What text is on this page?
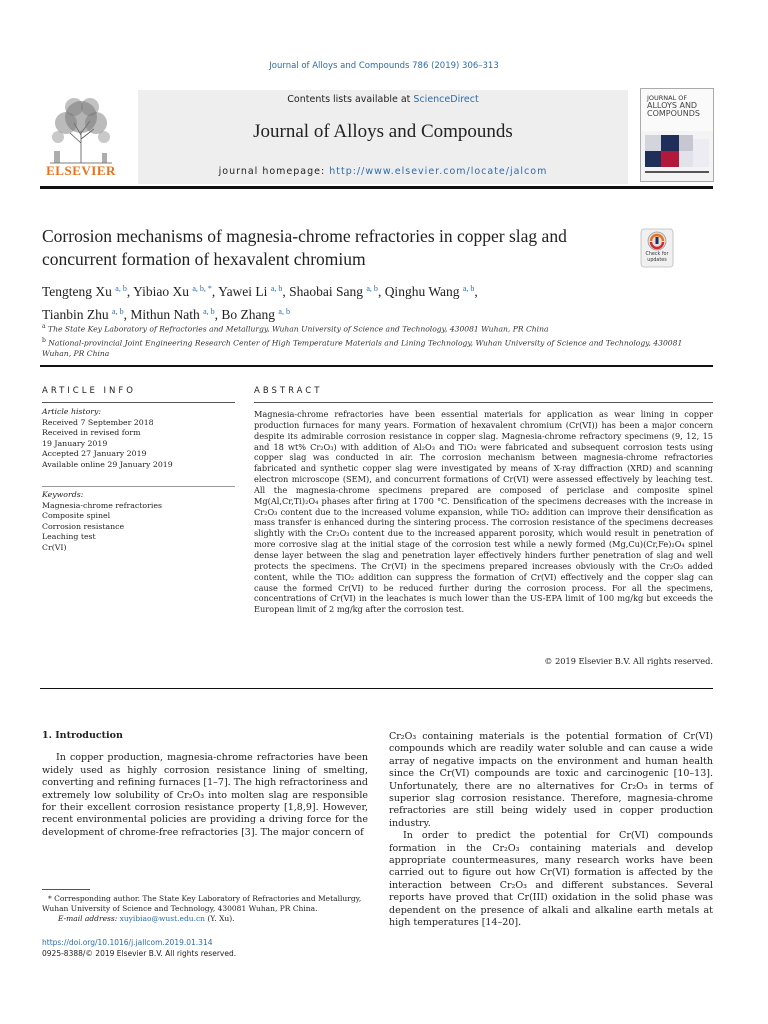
Journal of Alloys and Compounds 786 (2019) 306–313
ELSEVIER
Contents lists available at ScienceDirect
Journal of Alloys and Compounds
journal homepage: http://www.elsevier.com/locate/jalcom
JOURNAL OF

ALLOYS AND
COMPOUNDS
Corrosion mechanisms of magnesia-chrome refractories in copper slag and concurrent formation of hexavalent chromium	Check for updates
Tengteng Xu $^{a, b}$, Yibiao Xu $^{a, b, *}$, Yawei Li $^{a, b}$, Shaobai Sang $^{a, b}$, Qinghu Wang $^{a, b}$,
Tianbin Zhu $^{a, b}$, Mithun Nath $^{a, b}$, Bo Zhang $^{a, b}$
$^a$ The State Key Laboratory of Refractories and Metallurgy, Wuhan University of Science and Technology, 430081 Wuhan, PR China
$^b$ National-provincial Joint Engineering Research Center of High Temperature Materials and Lining Technology, Wuhan University of Science and Technology, 430081 Wuhan, PR China
ARTICLE INFO
Article history:
Received 7 September 2018
Received in revised form
19 January 2019
Accepted 27 January 2019
Available online 29 January 2019
Keywords:
Magnesia-chrome refractories
Composite spinel
Corrosion resistance
Leaching test
Cr(VI)
ABSTRACT
Magnesia-chrome refractories have been essential materials for application as wear lining in copper production furnaces for many years. Formation of hexavalent chromium (Cr(VI)) has been a major concern despite its admirable corrosion resistance in copper slag. Magnesia-chrome refractory specimens (9, 12, 15 and 18 wt% Cr₂O₃) with addition of Al₂O₃ and TiO₂ were fabricated and subsequent corrosion tests using copper slag was conducted in air. The corrosion mechanism between magnesia-chrome refractories fabricated and synthetic copper slag were investigated by means of X-ray diffraction (XRD) and scanning electron microscope (SEM), and concurrent formations of Cr(VI) were assessed effectively by leaching test. All the magnesia-chrome specimens prepared are composed of periclase and composite spinel Mg(Al,Cr,Ti)₂O₄ phases after firing at 1700 °C. Densification of the specimens decreases with the increase in Cr₂O₃ content due to the increased volume expansion, while TiO₂ addition can improve their densification as mass transfer is enhanced during the sintering process. The corrosion resistance of the specimens decreases slightly with the Cr₂O₃ content due to the increased apparent porosity, which would result in penetration of more corrosive slag at the initial stage of the corrosion test while a newly formed (Mg,Cu)(Cr,Fe)₂O₄ spinel dense layer between the slag and penetration layer effectively hinders further penetration of slag and well protects the specimens. The Cr(VI) in the specimens prepared increases obviously with the Cr₂O₃ added content, while the TiO₂ addition can suppress the formation of Cr(VI) effectively and the copper slag can cause the formed Cr(VI) to be reduced further during the corrosion process. For all the specimens, concentrations of Cr(VI) in the leachates is much lower than the US-EPA limit of 100 mg/kg but exceeds the European limit of 2 mg/kg after the corrosion test.
© 2019 Elsevier B.V. All rights reserved.
1. Introduction

In copper production, magnesia-chrome refractories have been widely used as highly corrosion resistance lining of smelting, converting and refining furnaces [1–7]. The high refractoriness and extremely low solubility of Cr₂O₃ into molten slag are responsible for their excellent corrosion resistance property [1,8,9]. However, recent environmental policies are providing a driving force for the development of chrome-free refractories [3]. The major concern of

Cr₂O₃ containing materials is the potential formation of Cr(VI) compounds which are readily water soluble and can cause a wide array of negative impacts on the environment and human health since the Cr(VI) compounds are toxic and carcinogenic [10–13]. Unfortunately, there are no alternatives for Cr₂O₃ in terms of superior slag corrosion resistance. Therefore, magnesia-chrome refractories are still being widely used in copper production industry.

In order to predict the potential for Cr(VI) compounds formation in the Cr₂O₃ containing materials and develop appropriate countermeasures, many research works have been carried out to figure out how Cr(VI) formation is affected by the interaction between Cr₂O₃ and different substances. Several reports have proved that Cr(III) oxidation in the solid phase was dependent on the presence of alkali and alkaline earth metals at high temperatures [14–20].

* Corresponding author. The State Key Laboratory of Refractories and Metallurgy, Wuhan University of Science and Technology, 430081 Wuhan, PR China.
E-mail address: xuyibiao@wust.edu.cn (Y. Xu).
https://doi.org/10.1016/j.jallcom.2019.01.314
0925-8388/© 2019 Elsevier B.V. All rights reserved.
